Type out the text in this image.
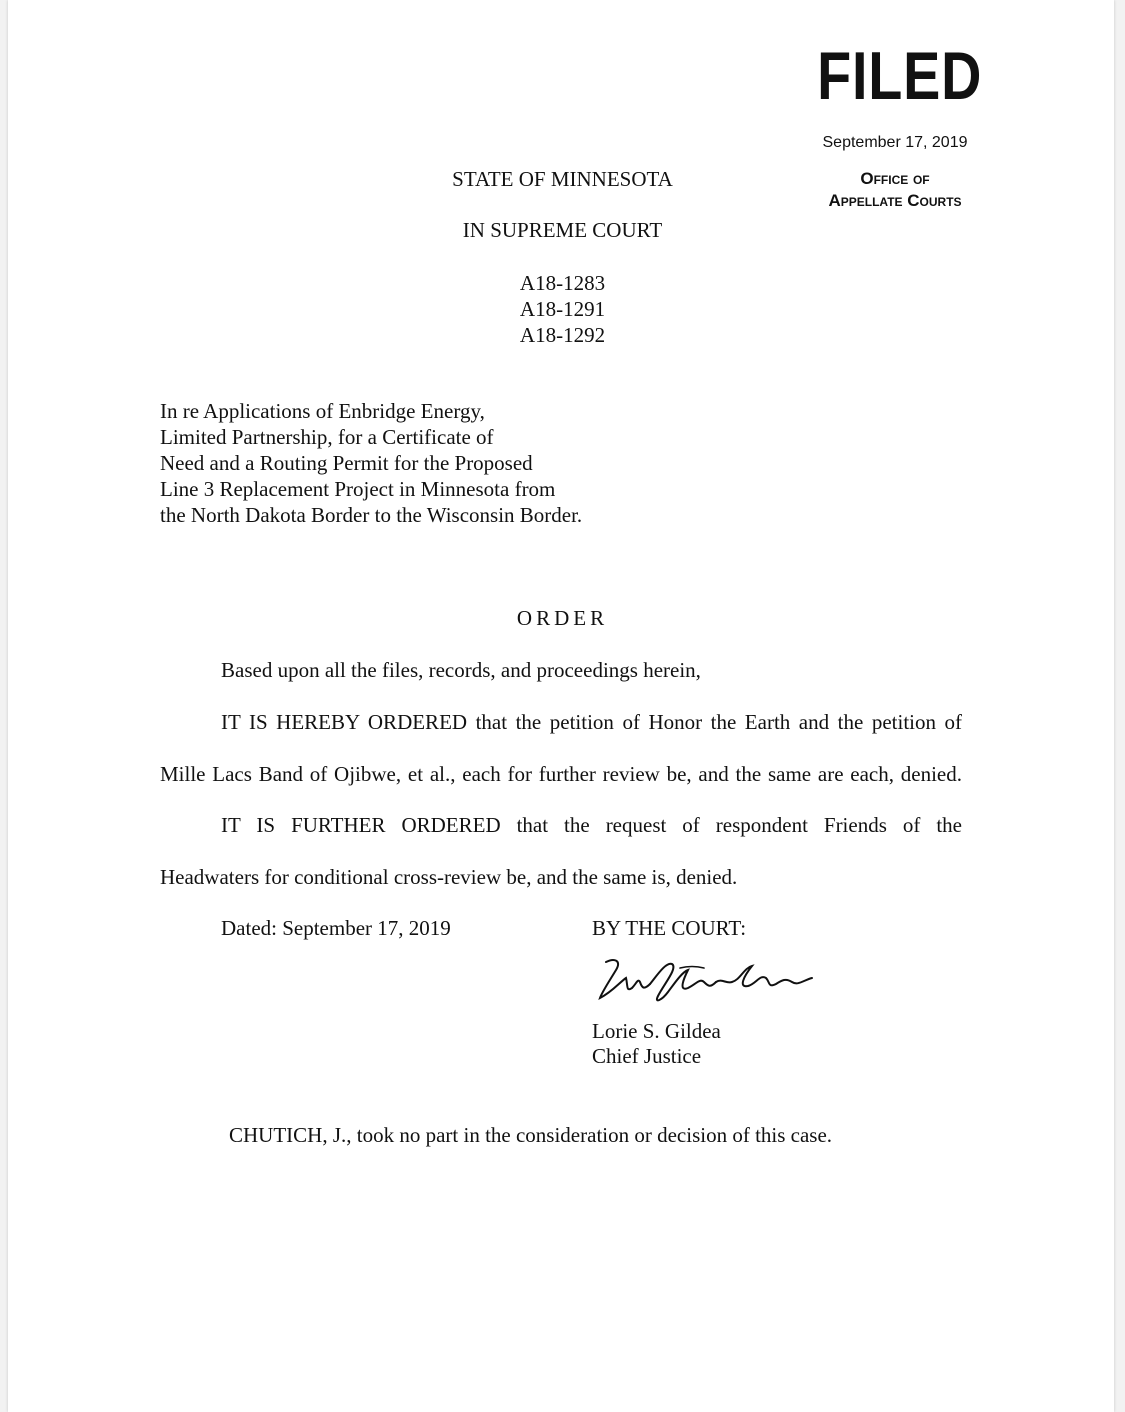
FILED
September 17, 2019
Office of
Appellate Courts
STATE OF MINNESOTA
IN SUPREME COURT
A18-1283
A18-1291
A18-1292
In re Applications of Enbridge Energy,
Limited Partnership, for a Certificate of
Need and a Routing Permit for the Proposed
Line 3 Replacement Project in Minnesota from
the North Dakota Border to the Wisconsin Border.
ORDER
Based upon all the files, records, and proceedings herein,
IT IS HEREBY ORDERED that the petition of Honor the Earth and the petition of
Mille Lacs Band of Ojibwe, et al., each for further review be, and the same are each, denied.
IT IS FURTHER ORDERED that the request of respondent Friends of the
Headwaters for conditional cross-review be, and the same is, denied.
Dated: September 17, 2019	BY THE COURT:
Lorie S. Gildea
Chief Justice
CHUTICH, J., took no part in the consideration or decision of this case.
